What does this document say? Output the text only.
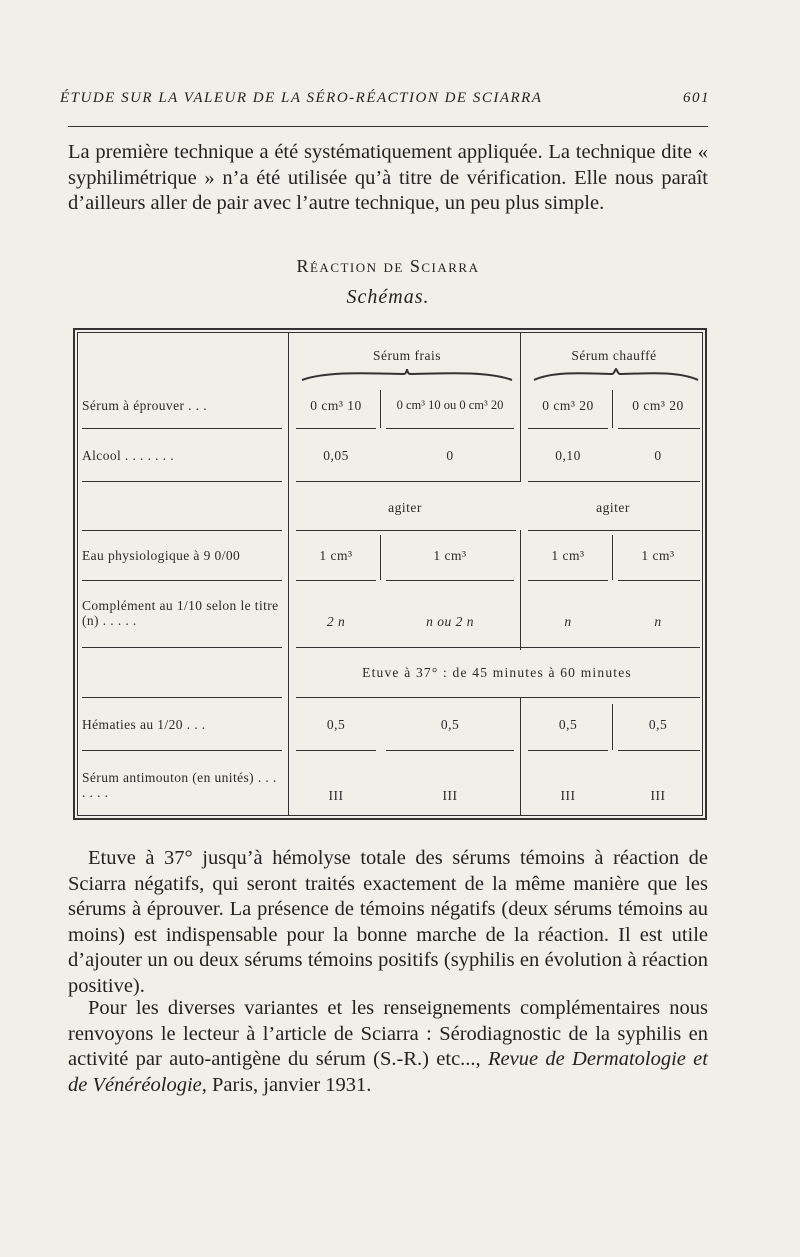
ÉTUDE SUR LA VALEUR DE LA SÉRO-RÉACTION DE SCIARRA	601

La première technique a été systématiquement appliquée. La technique dite « syphilimétrique » n’a été utilisée qu’à titre de vérification. Elle nous paraît d’ailleurs aller de pair avec l’autre technique, un peu plus simple.

Réaction de Sciarra
Schémas.
Sérum frais	Sérum chauffé
Sérum à éprouver . . .	0 cm³ 10	0 cm³ 10 ou 0 cm³ 20	0 cm³ 20	0 cm³ 20
Alcool . . . . . . .	0,05	0	0,10	0
agiter	agiter
Eau physiologique à 9 0/00	1 cm³	1 cm³	1 cm³	1 cm³
Complément au 1/10 selon le titre (n) . . . . .	2 n	n ou 2 n	n	n
Etuve à 37° : de 45 minutes à 60 minutes
Hématies au 1/20 . . .	0,5	0,5	0,5	0,5
Sérum antimouton (en unités) . . . . . . .	III	III	III	III

Etuve à 37° jusqu’à hémolyse totale des sérums témoins à réaction de Sciarra négatifs, qui seront traités exactement de la même manière que les sérums à éprouver. La présence de témoins négatifs (deux sérums témoins au moins) est indispensable pour la bonne marche de la réaction. Il est utile d’ajouter un ou deux sérums témoins positifs (syphilis en évolution à réaction positive).

Pour les diverses variantes et les renseignements complémentaires nous renvoyons le lecteur à l’article de Sciarra : Sérodiagnostic de la syphilis en activité par auto-antigène du sérum (S.-R.) etc..., Revue de Dermatologie et de Vénéréologie, Paris, janvier 1931.
